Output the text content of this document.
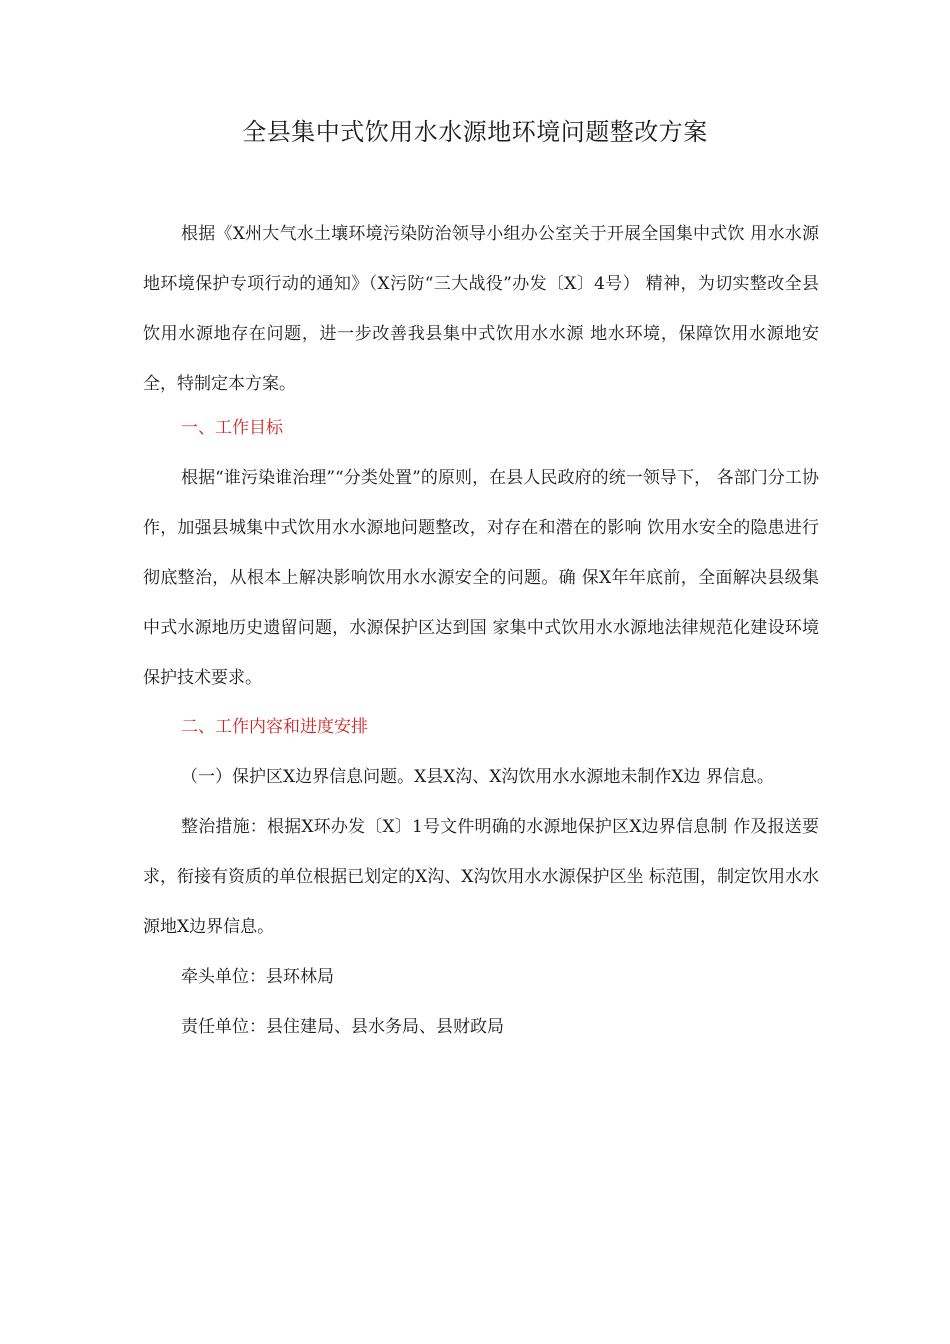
全县集中式饮用水水源地环境问题整改方案

根据《X州大气水土壤环境污染防治领导小组办公室关于开展全国集中式饮 用水水源地环境保护专项行动的通知》（X污防“三大战役”办发〔X〕4号） 精神，为切实整改全县饮用水源地存在问题，进一步改善我县集中式饮用水水源 地水环境，保障饮用水源地安全，特制定本方案。

一、工作目标

根据“谁污染谁治理”“分类处置”的原则，在县人民政府的统一领导下， 各部门分工协作，加强县城集中式饮用水水源地问题整改，对存在和潜在的影响 饮用水安全的隐患进行彻底整治，从根本上解决影响饮用水水源安全的问题。确 保X年年底前，全面解决县级集中式水源地历史遗留问题，水源保护区达到国 家集中式饮用水水源地法律规范化建设环境保护技术要求。

二、工作内容和进度安排

（一）保护区X边界信息问题。X县X沟、X沟饮用水水源地未制作X边 界信息。

整治措施：根据X环办发〔X〕1号文件明确的水源地保护区X边界信息制 作及报送要求，衔接有资质的单位根据已划定的X沟、X沟饮用水水源保护区坐 标范围，制定饮用水水源地X边界信息。

牵头单位：县环林局

责任单位：县住建局、县水务局、县财政局
